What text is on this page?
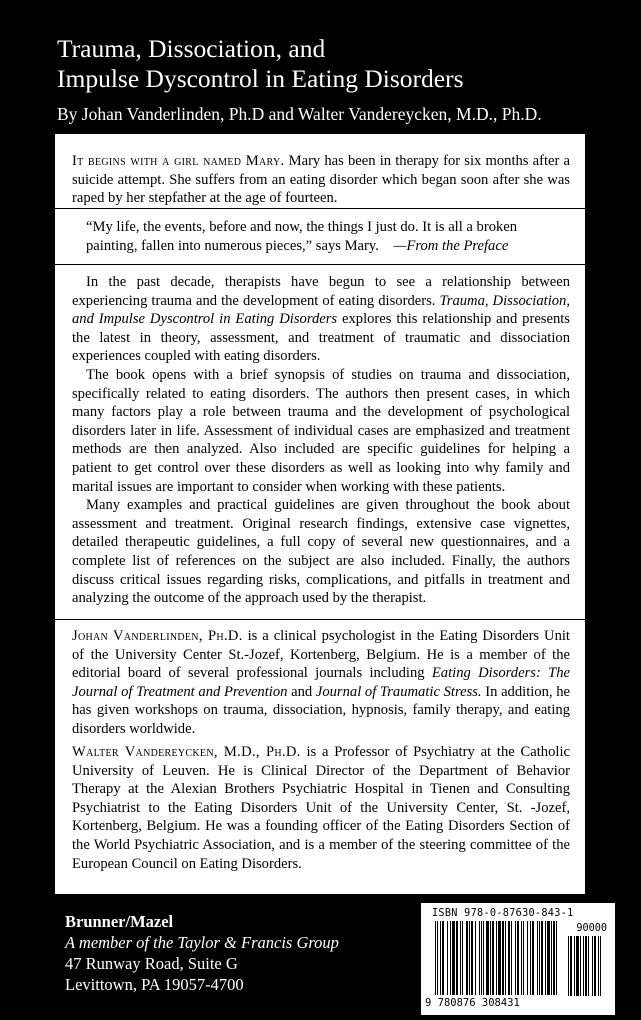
Trauma, Dissociation, and
Impulse Dyscontrol in Eating Disorders
By Johan Vanderlinden, Ph.D and Walter Vandereycken, M.D., Ph.D.

It begins with a girl named Mary. Mary has been in therapy for six months after a suicide attempt. She suffers from an eating disorder which began soon after she was raped by her stepfather at the age of fourteen.

“My life, the events, before and now, the things I just do. It is all a broken painting, fallen into numerous pieces,” says Mary. —From the Preface

In the past decade, therapists have begun to see a relationship between experiencing trauma and the development of eating disorders. Trauma, Dissociation, and Impulse Dyscontrol in Eating Disorders explores this relationship and presents the latest in theory, assessment, and treatment of traumatic and dissociation experiences coupled with eating disorders.

The book opens with a brief synopsis of studies on trauma and dissociation, specifically related to eating disorders. The authors then present cases, in which many factors play a role between trauma and the development of psychological disorders later in life. Assessment of individual cases are emphasized and treatment methods are then analyzed. Also included are specific guidelines for helping a patient to get control over these disorders as well as looking into why family and marital issues are important to consider when working with these patients.

Many examples and practical guidelines are given throughout the book about assessment and treatment. Original research findings, extensive case vignettes, detailed therapeutic guidelines, a full copy of several new questionnaires, and a complete list of references on the subject are also included. Finally, the authors discuss critical issues regarding risks, complications, and pitfalls in treatment and analyzing the outcome of the approach used by the therapist.

Johan Vanderlinden, Ph.D. is a clinical psychologist in the Eating Disorders Unit of the University Center St.-Jozef, Kortenberg, Belgium. He is a member of the editorial board of several professional journals including Eating Disorders: The Journal of Treatment and Prevention and Journal of Traumatic Stress. In addition, he has given workshops on trauma, dissociation, hypnosis, family therapy, and eating disorders worldwide.

Walter Vandereycken, M.D., Ph.D. is a Professor of Psychiatry at the Catholic University of Leuven. He is Clinical Director of the Department of Behavior Therapy at the Alexian Brothers Psychiatric Hospital in Tienen and Consulting Psychiatrist to the Eating Disorders Unit of the University Center, St. -Jozef, Kortenberg, Belgium. He was a founding officer of the Eating Disorders Section of the World Psychiatric Association, and is a member of the steering committee of the European Council on Eating Disorders.

Brunner/Mazel
A member of the Taylor & Francis Group
47 Runway Road, Suite G
Levittown, PA 19057-4700
ISBN 978-0-87630-843-1
90000
9 780876 308431
